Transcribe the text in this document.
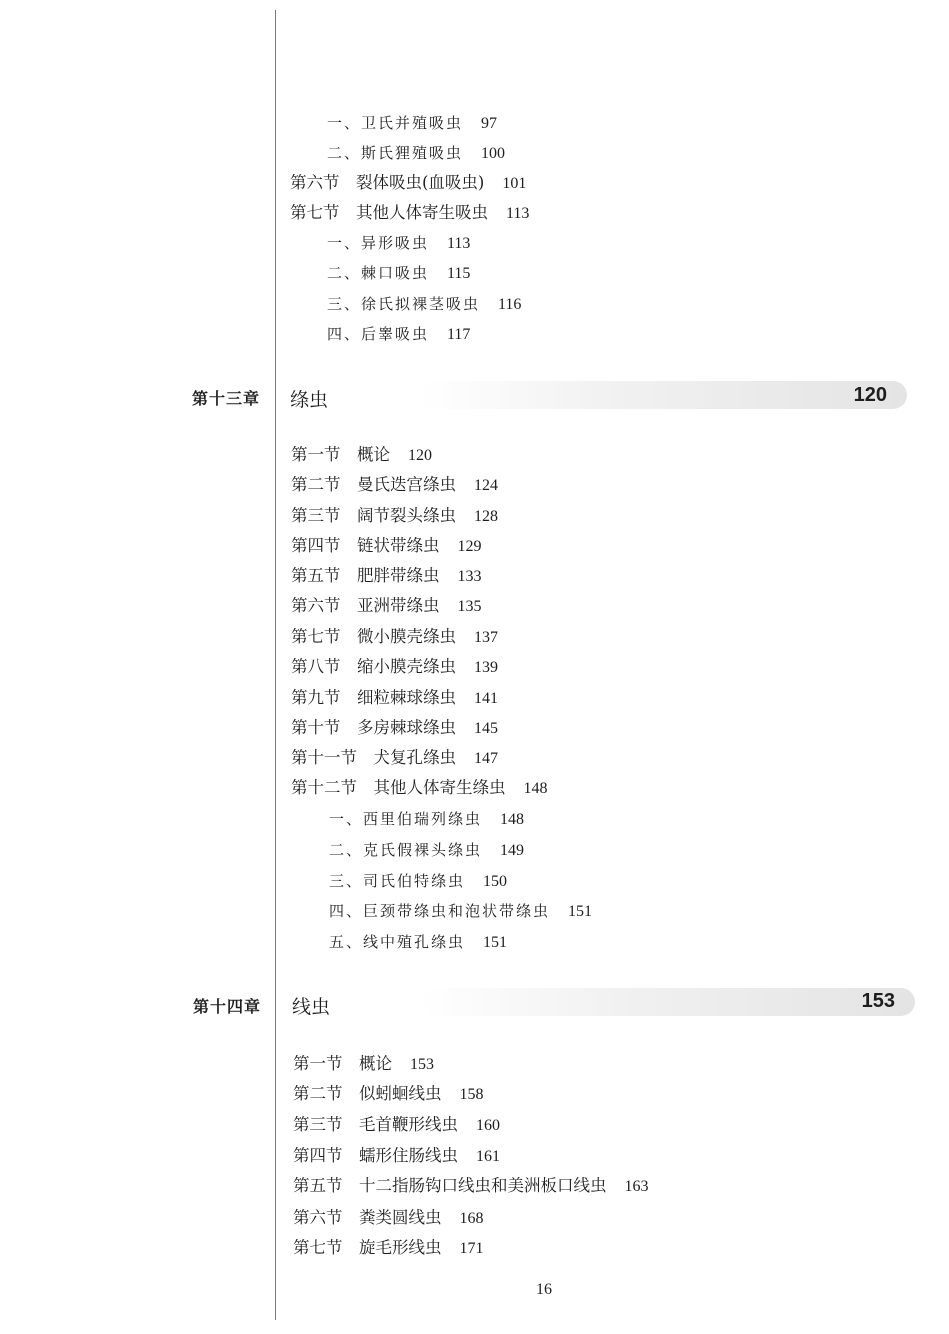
一、卫氏并殖吸虫 97
二、斯氏狸殖吸虫 100
第六节　裂体吸虫(血吸虫) 101
第七节　其他人体寄生吸虫 113
一、异形吸虫 113
二、棘口吸虫 115
三、徐氏拟裸茎吸虫 116
四、后睾吸虫 117
第十三章 绦虫	120
第一节　概论 120
第二节　曼氏迭宫绦虫 124
第三节　阔节裂头绦虫 128
第四节　链状带绦虫 129
第五节　肥胖带绦虫 133
第六节　亚洲带绦虫 135
第七节　微小膜壳绦虫 137
第八节　缩小膜壳绦虫 139
第九节　细粒棘球绦虫 141
第十节　多房棘球绦虫 145
第十一节　犬复孔绦虫 147
第十二节　其他人体寄生绦虫 148
一、西里伯瑞列绦虫 148
二、克氏假裸头绦虫 149
三、司氏伯特绦虫 150
四、巨颈带绦虫和泡状带绦虫 151
五、线中殖孔绦虫 151
第十四章 线虫	153
第一节　概论 153
第二节　似蚓蛔线虫 158
第三节　毛首鞭形线虫 160
第四节　蠕形住肠线虫 161
第五节　十二指肠钩口线虫和美洲板口线虫 163
第六节　粪类圆线虫 168
第七节　旋毛形线虫 171
16
